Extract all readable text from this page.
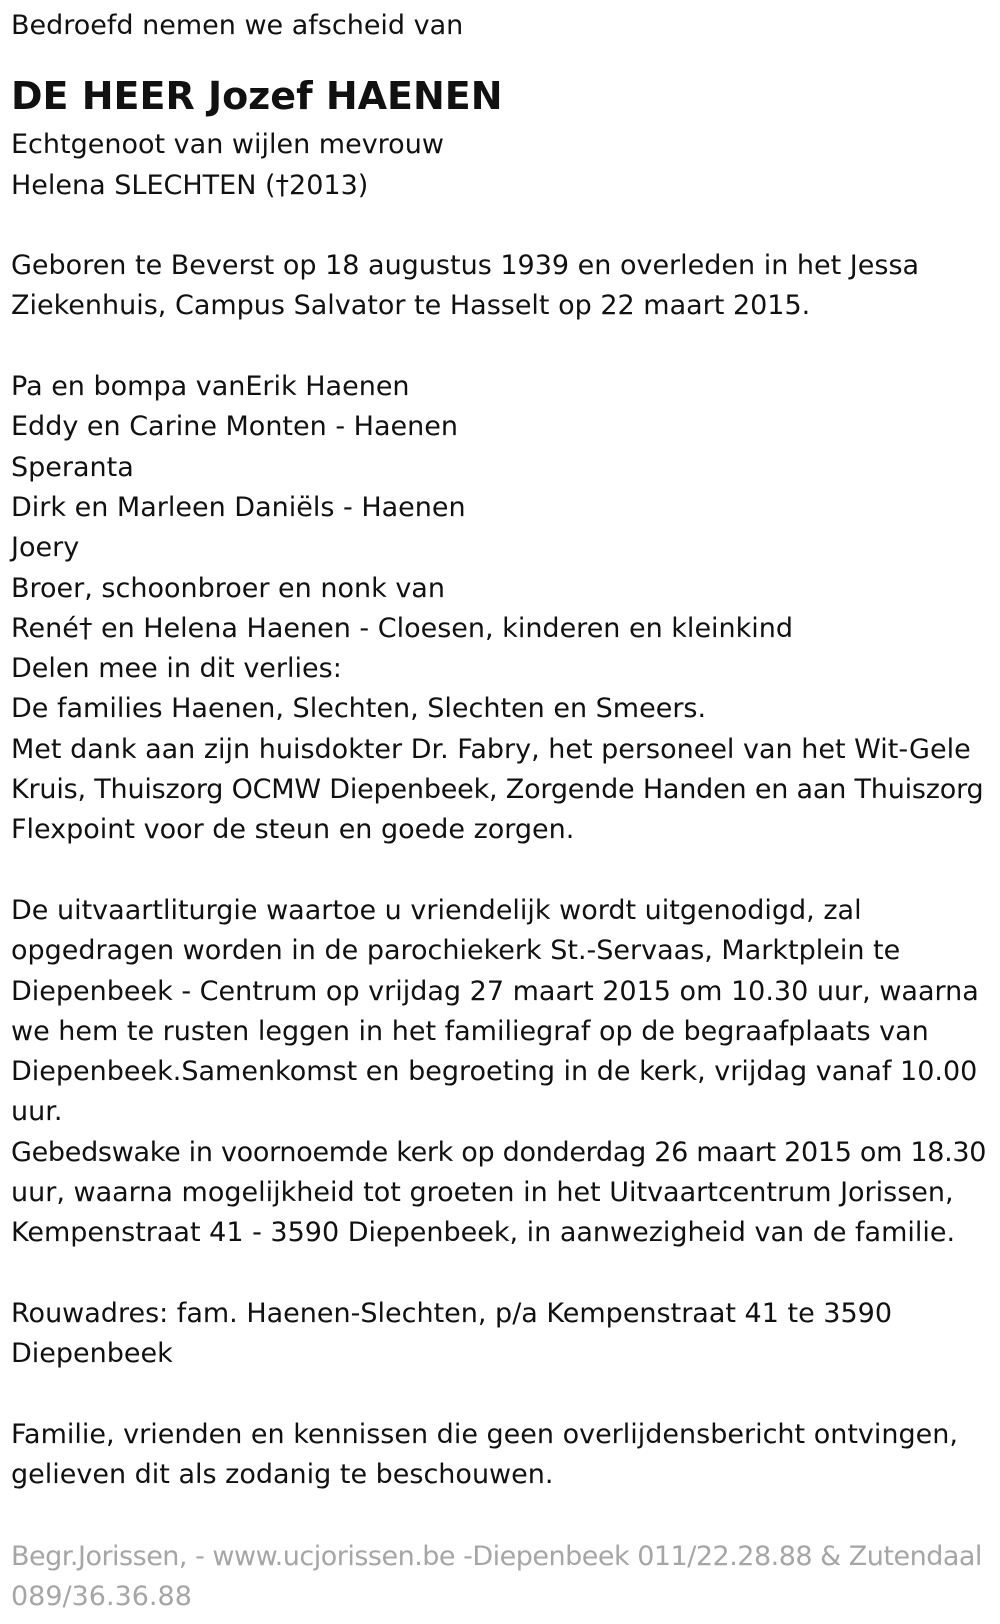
Bedroefd nemen we afscheid van
DE HEER Jozef HAENEN
Echtgenoot van wijlen mevrouw
Helena SLECHTEN (†2013)
Geboren te Beverst op 18 augustus 1939 en overleden in het Jessa
Ziekenhuis, Campus Salvator te Hasselt op 22 maart 2015.
Pa en bompa vanErik Haenen
Eddy en Carine Monten - Haenen
Speranta
Dirk en Marleen Daniëls - Haenen
Joery
Broer, schoonbroer en nonk van
René† en Helena Haenen - Cloesen, kinderen en kleinkind
Delen mee in dit verlies:
De families Haenen, Slechten, Slechten en Smeers.
Met dank aan zijn huisdokter Dr. Fabry, het personeel van het Wit-Gele
Kruis, Thuiszorg OCMW Diepenbeek, Zorgende Handen en aan Thuiszorg
Flexpoint voor de steun en goede zorgen.
De uitvaartliturgie waartoe u vriendelijk wordt uitgenodigd, zal
opgedragen worden in de parochiekerk St.-Servaas, Marktplein te
Diepenbeek - Centrum op vrijdag 27 maart 2015 om 10.30 uur, waarna
we hem te rusten leggen in het familiegraf op de begraafplaats van
Diepenbeek.Samenkomst en begroeting in de kerk, vrijdag vanaf 10.00
uur.
Gebedswake in voornoemde kerk op donderdag 26 maart 2015 om 18.30
uur, waarna mogelijkheid tot groeten in het Uitvaartcentrum Jorissen,
Kempenstraat 41 - 3590 Diepenbeek, in aanwezigheid van de familie.
Rouwadres: fam. Haenen-Slechten, p/a Kempenstraat 41 te 3590
Diepenbeek
Familie, vrienden en kennissen die geen overlijdensbericht ontvingen,
gelieven dit als zodanig te beschouwen.
Begr.Jorissen, - www.ucjorissen.be -Diepenbeek 011/22.28.88 & Zutendaal
089/36.36.88
